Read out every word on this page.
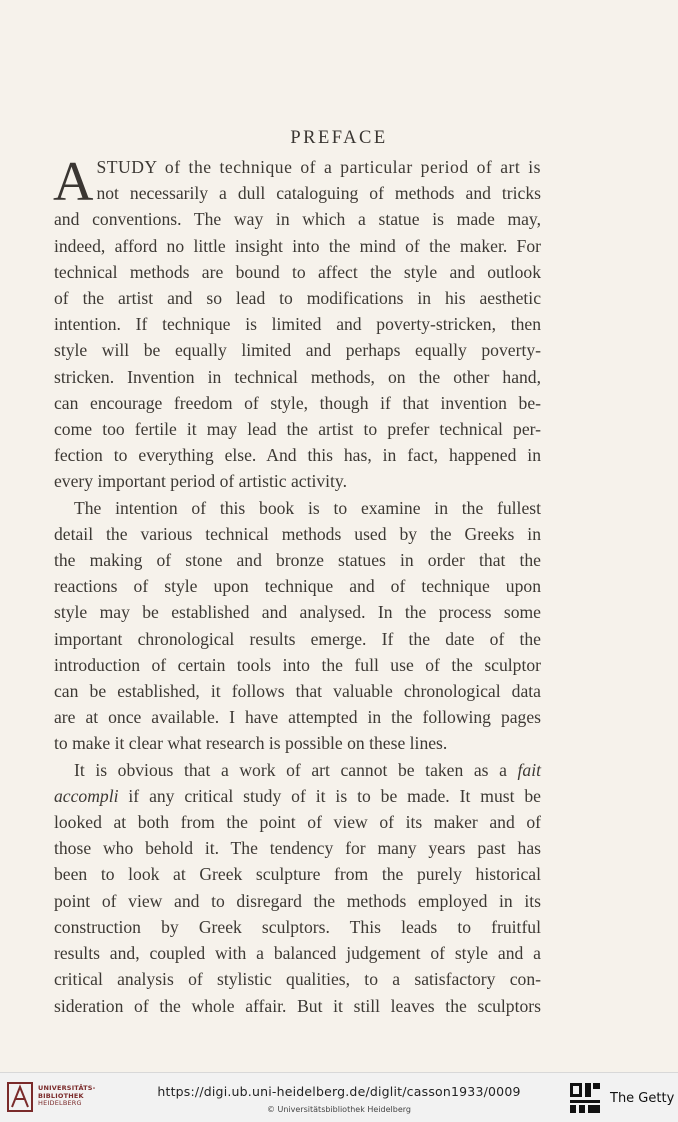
PREFACE

ASTUDY of the technique of a particular period of art is

not necessarily a dull cataloguing of methods and tricks

and conventions. The way in which a statue is made may,

indeed, afford no little insight into the mind of the maker. For

technical methods are bound to affect the style and outlook

of the artist and so lead to modifications in his aesthetic

intention. If technique is limited and poverty-stricken, then

style will be equally limited and perhaps equally poverty-

stricken. Invention in technical methods, on the other hand,

can encourage freedom of style, though if that invention be-

come too fertile it may lead the artist to prefer technical per-

fection to everything else. And this has, in fact, happened in

every important period of artistic activity.

The intention of this book is to examine in the fullest

detail the various technical methods used by the Greeks in

the making of stone and bronze statues in order that the

reactions of style upon technique and of technique upon

style may be established and analysed. In the process some

important chronological results emerge. If the date of the

introduction of certain tools into the full use of the sculptor

can be established, it follows that valuable chronological data

are at once available. I have attempted in the following pages

to make it clear what research is possible on these lines.

It is obvious that a work of art cannot be taken as a fait

accompli if any critical study of it is to be made. It must be

looked at both from the point of view of its maker and of

those who behold it. The tendency for many years past has

been to look at Greek sculpture from the purely historical

point of view and to disregard the methods employed in its

construction by Greek sculptors. This leads to fruitful

results and, coupled with a balanced judgement of style and a

critical analysis of stylistic qualities, to a satisfactory con-

sideration of the whole affair. But it still leaves the sculptors

UNIVERSITÄTS-
BIBLIOTHEK
HEIDELBERG
https://digi.ub.uni-heidelberg.de/diglit/casson1933/0009
© Universitätsbibliothek Heidelberg
The Getty
